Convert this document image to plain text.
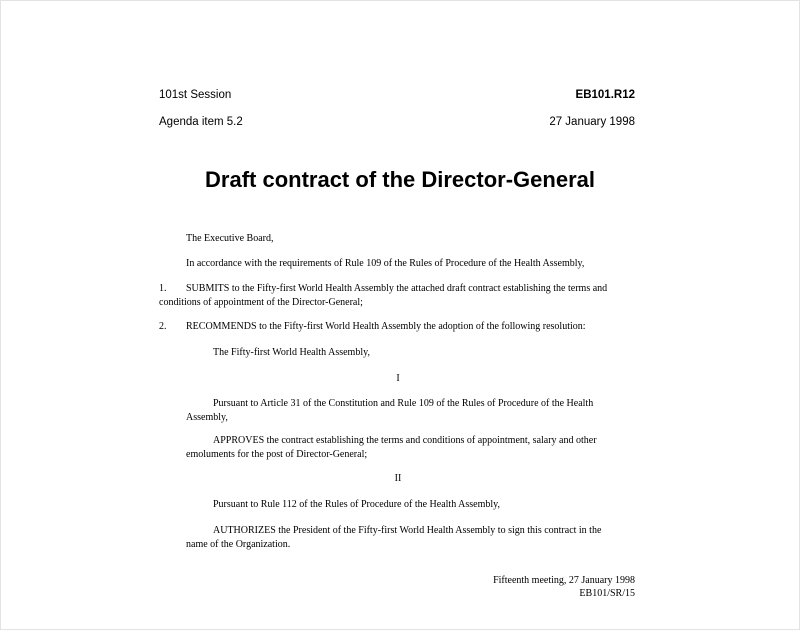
101st Session	EB101.R12
Agenda item 5.2	27 January 1998
Draft contract of the Director-General
The Executive Board,
In accordance with the requirements of Rule 109 of the Rules of Procedure of the Health Assembly,
1. SUBMITS to the Fifty-first World Health Assembly the attached draft contract establishing the terms and
conditions of appointment of the Director-General;
2. RECOMMENDS to the Fifty-first World Health Assembly the adoption of the following resolution:
The Fifty-first World Health Assembly,
I
Pursuant to Article 31 of the Constitution and Rule 109 of the Rules of Procedure of the Health
Assembly,
APPROVES the contract establishing the terms and conditions of appointment, salary and other
emoluments for the post of Director-General;
II
Pursuant to Rule 112 of the Rules of Procedure of the Health Assembly,
AUTHORIZES the President of the Fifty-first World Health Assembly to sign this contract in the
name of the Organization.
Fifteenth meeting, 27 January 1998
EB101/SR/15
